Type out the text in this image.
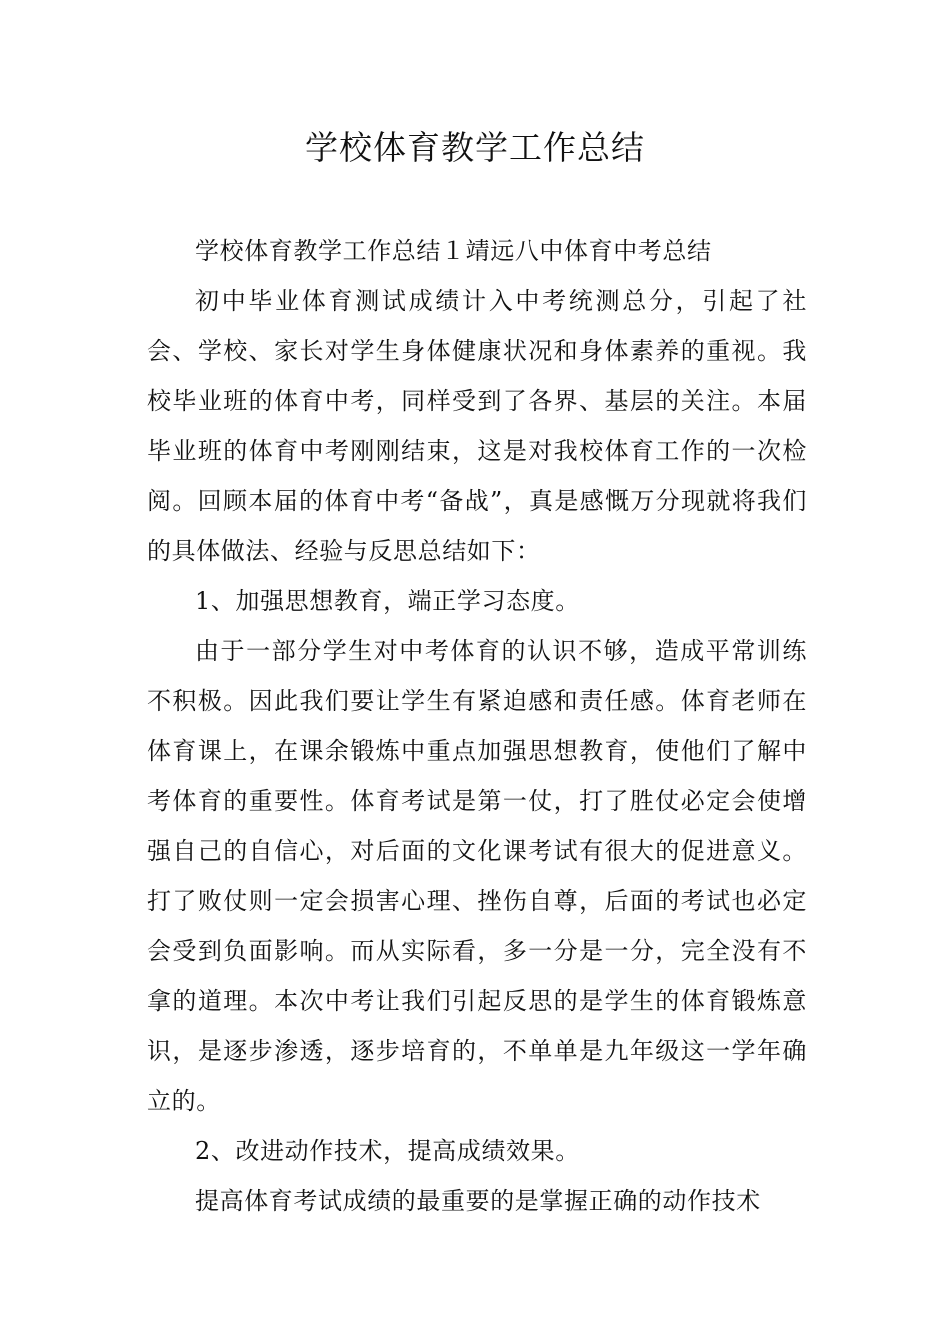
学校体育教学工作总结

学校体育教学工作总结１靖远八中体育中考总结

初中毕业体育测试成绩计入中考统测总分，引起了社会、学校、家长对学生身体健康状况和身体素养的重视。我校毕业班的体育中考，同样受到了各界、基层的关注。本届毕业班的体育中考刚刚结束，这是对我校体育工作的一次检阅。回顾本届的体育中考“备战”，真是感慨万分现就将我们的具体做法、经验与反思总结如下：

1、加强思想教育，端正学习态度。

由于一部分学生对中考体育的认识不够，造成平常训练不积极。因此我们要让学生有紧迫感和责任感。体育老师在体育课上，在课余锻炼中重点加强思想教育，使他们了解中考体育的重要性。体育考试是第一仗，打了胜仗必定会使增强自己的自信心，对后面的文化课考试有很大的促进意义。打了败仗则一定会损害心理、挫伤自尊，后面的考试也必定会受到负面影响。而从实际看，多一分是一分，完全没有不拿的道理。本次中考让我们引起反思的是学生的体育锻炼意识，是逐步渗透，逐步培育的，不单单是九年级这一学年确立的。

2、改进动作技术，提高成绩效果。

提高体育考试成绩的最重要的是掌握正确的动作技术
